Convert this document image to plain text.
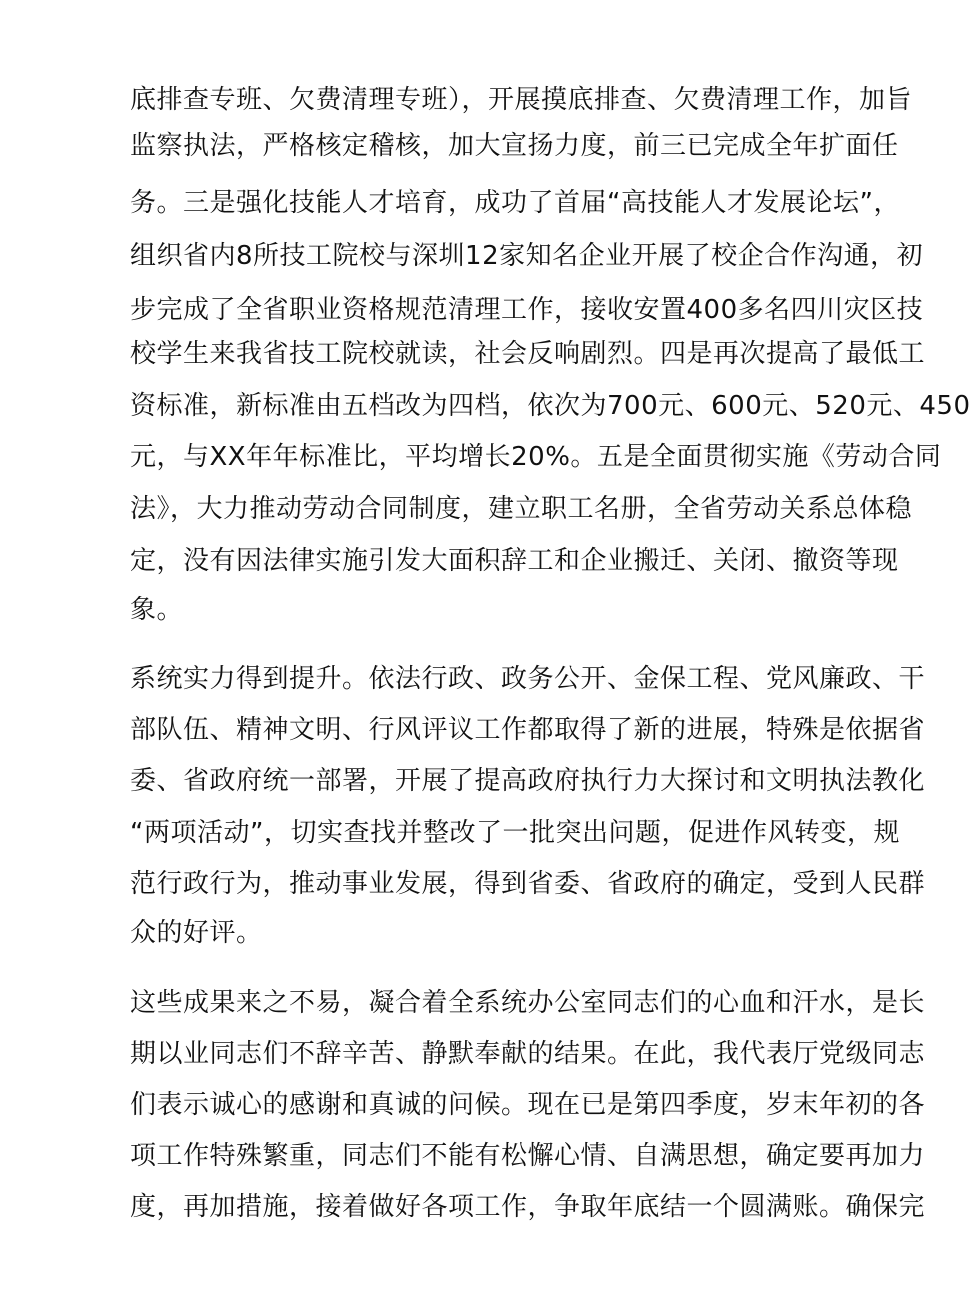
底排查专班、欠费清理专班），开展摸底排查、欠费清理工作，加旨
监察执法，严格核定稽核，加大宣扬力度，前三已完成全年扩面任
务。三是强化技能人才培育，成功了首届“高技能人才发展论坛”，
组织省内8所技工院校与深圳12家知名企业开展了校企合作沟通，初
步完成了全省职业资格规范清理工作，接收安置400多名四川灾区技
校学生来我省技工院校就读，社会反响剧烈。四是再次提高了最低工
资标准，新标准由五档改为四档，依次为700元、600元、520元、450
元，与XX年年标准比，平均增长20%。五是全面贯彻实施《劳动合同
法》，大力推动劳动合同制度，建立职工名册，全省劳动关系总体稳
定，没有因法律实施引发大面积辞工和企业搬迁、关闭、撤资等现
象。
系统实力得到提升。依法行政、政务公开、金保工程、党风廉政、干
部队伍、精神文明、行风评议工作都取得了新的进展，特殊是依据省
委、省政府统一部署，开展了提高政府执行力大探讨和文明执法教化
“两项活动”，切实查找并整改了一批突出问题，促进作风转变，规
范行政行为，推动事业发展，得到省委、省政府的确定，受到人民群
众的好评。
这些成果来之不易，凝合着全系统办公室同志们的心血和汗水，是长
期以业同志们不辞辛苦、静默奉献的结果。在此，我代表厅党级同志
们表示诚心的感谢和真诚的问候。现在已是第四季度，岁末年初的各
项工作特殊繁重，同志们不能有松懈心情、自满思想，确定要再加力
度，再加措施，接着做好各项工作，争取年底结一个圆满账。确保完
